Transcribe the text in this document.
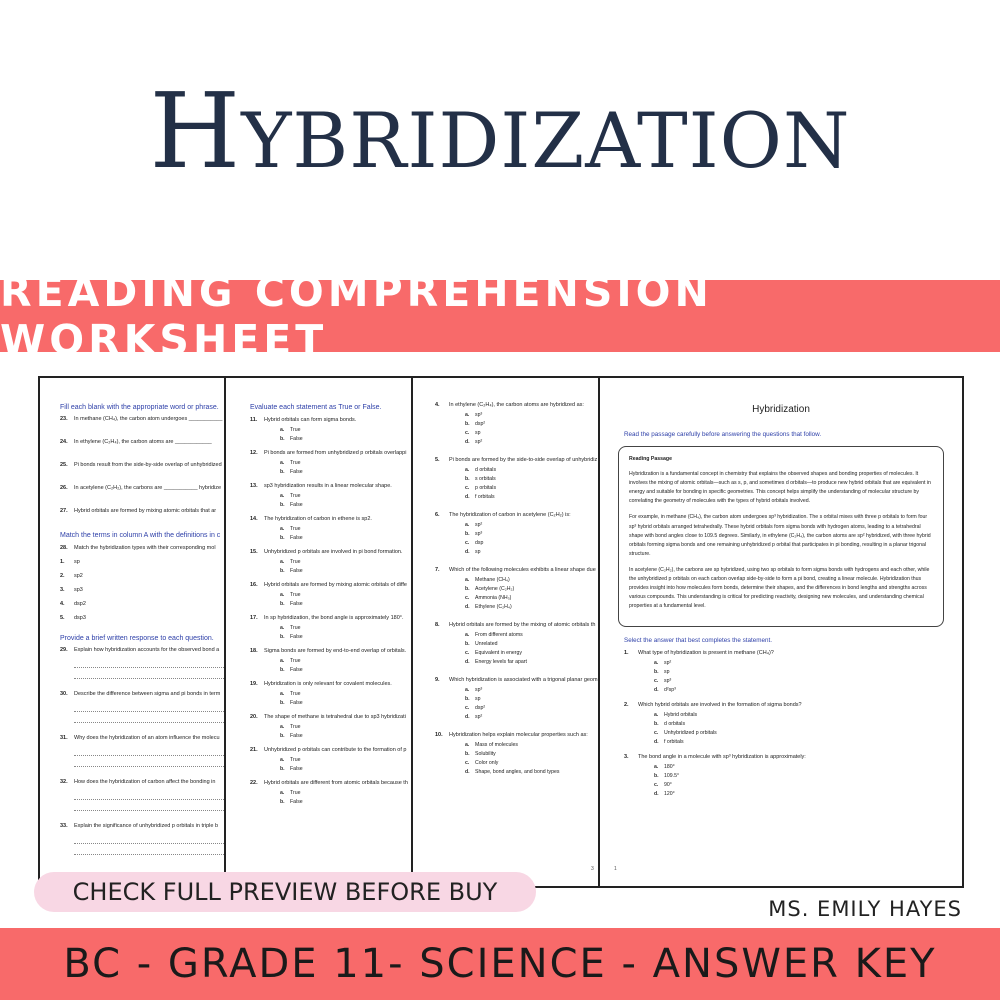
HYBRIDIZATION
READING COMPREHENSION WORKSHEET
Fill each blank with the appropriate word or phrase.
23. In methane (CH₄), the carbon atom undergoes ___________
24. In ethylene (C₂H₄), the carbon atoms are ____________
25. Pi bonds result from the side-by-side overlap of unhybridized
26. In acetylene (C₂H₂), the carbons are ___________ hybridize
27. Hybrid orbitals are formed by mixing atomic orbitals that ar
Match the terms in column A with the definitions in c
28. Match the hybridization types with their corresponding mol
1. sp
2. sp2
3. sp3
4. dsp2
5. dsp3
Provide a brief written response to each question.
29. Explain how hybridization accounts for the observed bond a
30. Describe the difference between sigma and pi bonds in term
31. Why does the hybridization of an atom influence the molecu
32. How does the hybridization of carbon affect the bonding in
33. Explain the significance of unhybridized p orbitals in triple b
Evaluate each statement as True or False.
11. Hybrid orbitals can form sigma bonds.
a. True
b. False
12. Pi bonds are formed from unhybridized p orbitals overlappi
a. True
b. False
13. sp3 hybridization results in a linear molecular shape.
a. True
b. False
14. The hybridization of carbon in ethene is sp2.
a. True
b. False
15. Unhybridized p orbitals are involved in pi bond formation.
a. True
b. False
16. Hybrid orbitals are formed by mixing atomic orbitals of diffe
a. True
b. False
17. In sp hybridization, the bond angle is approximately 180°.
a. True
b. False
18. Sigma bonds are formed by end-to-end overlap of orbitals.
a. True
b. False
19. Hybridization is only relevant for covalent molecules.
a. True
b. False
20. The shape of methane is tetrahedral due to sp3 hybridizati
a. True
b. False
21. Unhybridized p orbitals can contribute to the formation of p
a. True
b. False
22. Hybrid orbitals are different from atomic orbitals because th
a. True
b. False
4. In ethylene (C₂H₄), the carbon atoms are hybridized as:
a. sp³
b. dsp²
c. sp
d. sp²
5. Pi bonds are formed by the side-to-side overlap of unhybridiz
a. d orbitals
b. s orbitals
c. p orbitals
d. f orbitals
6. The hybridization of carbon in acetylene (C₂H₂) is:
a. sp²
b. sp³
c. dsp
d. sp
7. Which of the following molecules exhibits a linear shape due
a. Methane (CH₄)
b. Acetylene (C₂H₂)
c. Ammonia (NH₃)
d. Ethylene (C₂H₄)
8. Hybrid orbitals are formed by the mixing of atomic orbitals th
a. From different atoms
b. Unrelated
c. Equivalent in energy
d. Energy levels far apart
9. Which hybridization is associated with a trigonal planar geom
a. sp³
b. sp
c. dsp²
d. sp²
10. Hybridization helps explain molecular properties such as:
a. Mass of molecules
b. Solubility
c. Color only
d. Shape, bond angles, and bond types
3
Hybridization
Read the passage carefully before answering the questions that follow.
Reading Passage

Hybridization is a fundamental concept in chemistry that explains the observed shapes and bonding properties of molecules. It involves the mixing of atomic orbitals—such as s, p, and sometimes d orbitals—to produce new hybrid orbitals that are equivalent in energy and suitable for bonding in specific geometries. This concept helps simplify the understanding of molecular structure by correlating the geometry of molecules with the types of hybrid orbitals involved.

For example, in methane (CH₄), the carbon atom undergoes sp³ hybridization. The s orbital mixes with three p orbitals to form four sp³ hybrid orbitals arranged tetrahedrally. These hybrid orbitals form sigma bonds with hydrogen atoms, leading to a tetrahedral shape with bond angles close to 109.5 degrees. Similarly, in ethylene (C₂H₄), the carbon atoms are sp² hybridized, with three hybrid orbitals forming sigma bonds and one remaining unhybridized p orbital that participates in pi bonding, resulting in a planar trigonal structure.

In acetylene (C₂H₂), the carbons are sp hybridized, using two sp orbitals to form sigma bonds with hydrogens and each other, while the unhybridized p orbitals on each carbon overlap side-by-side to form a pi bond, creating a linear molecule. Hybridization thus provides insight into how molecules form bonds, determine their shapes, and the differences in bond lengths and strengths across various compounds. This understanding is critical for predicting reactivity, designing new molecules, and understanding chemical properties at a fundamental level.

Select the answer that best completes the statement.
1. What type of hybridization is present in methane (CH₄)?
a. sp²
b. sp
c. sp³
d. d²sp³
2. Which hybrid orbitals are involved in the formation of sigma bonds?
a. Hybrid orbitals
b. d orbitals
c. Unhybridized p orbitals
d. f orbitals
3. The bond angle in a molecule with sp³ hybridization is approximately:
a. 180°
b. 109.5°
c. 90°
d. 120°
1
CHECK FULL PREVIEW BEFORE BUY
MS. EMILY HAYES
BC - GRADE 11- SCIENCE - ANSWER KEY
